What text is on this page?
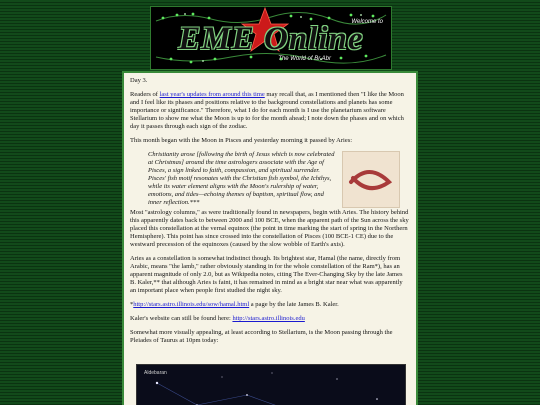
EME Online
Welcome to
The World of Br.Abr

Day 3.

Readers of last year's updates from around this time may recall that, as I mentioned then "I like the Moon and I feel like its phases and positions relative to the background constellations and planets has some importance or significance." Therefore, what I do for each month is I use the planetarium software Stellarium to show me what the Moon is up to for the month ahead; I note down the phases and on which day it passes through each sign of the zodiac.

This month began with the Moon in Pisces and yesterday morning it passed by Aries:

Christianity arose [following the birth of Jesus which is now celebrated at Christmas] around the time astrologers associate with the Age of Pisces, a sign linked to faith, compassion, and spiritual surrender. Pisces' fish motif resonates with the Christian fish symbol, the Ichthys, while its water element aligns with the Moon's rulership of water, emotions, and tides—echoing themes of baptism, spiritual flow, and inner reflection.***

Most "astrology columns," as were traditionally found in newspapers, begin with Aries. The history behind this apparently dates back to between 2000 and 100 BCE, when the apparent path of the Sun across the sky placed this constellation at the vernal equinox (the point in time marking the start of spring in the Northern Hemisphere). This point has since crossed into the constellation of Pisces (100 BCE-1 CE) due to the westward precession of the equinoxes (caused by the slow wobble of Earth's axis).

Aries as a constellation is somewhat indistinct though. Its brightest star, Hamal (the name, directly from Arabic, means "the lamb," rather obviously standing in for the whole constellation of the Ram*), has an apparent magnitude of only 2.0, but as Wikipedia notes, citing The Ever-Changing Sky by the late James B. Kaler,** that although Aries is faint, it has remained in mind as a bright star near what was apparently an important place when people first studied the night sky.

*http://stars.astro.illinois.edu/sow/hamal.html a page by the late James B. Kaler.

Kaler's website can still be found here: http://stars.astro.illinois.edu

Somewhat more visually appealing, at least according to Stellarium, is the Moon passing through the Pleiades of Taurus at 10pm today:

Aldebaran
